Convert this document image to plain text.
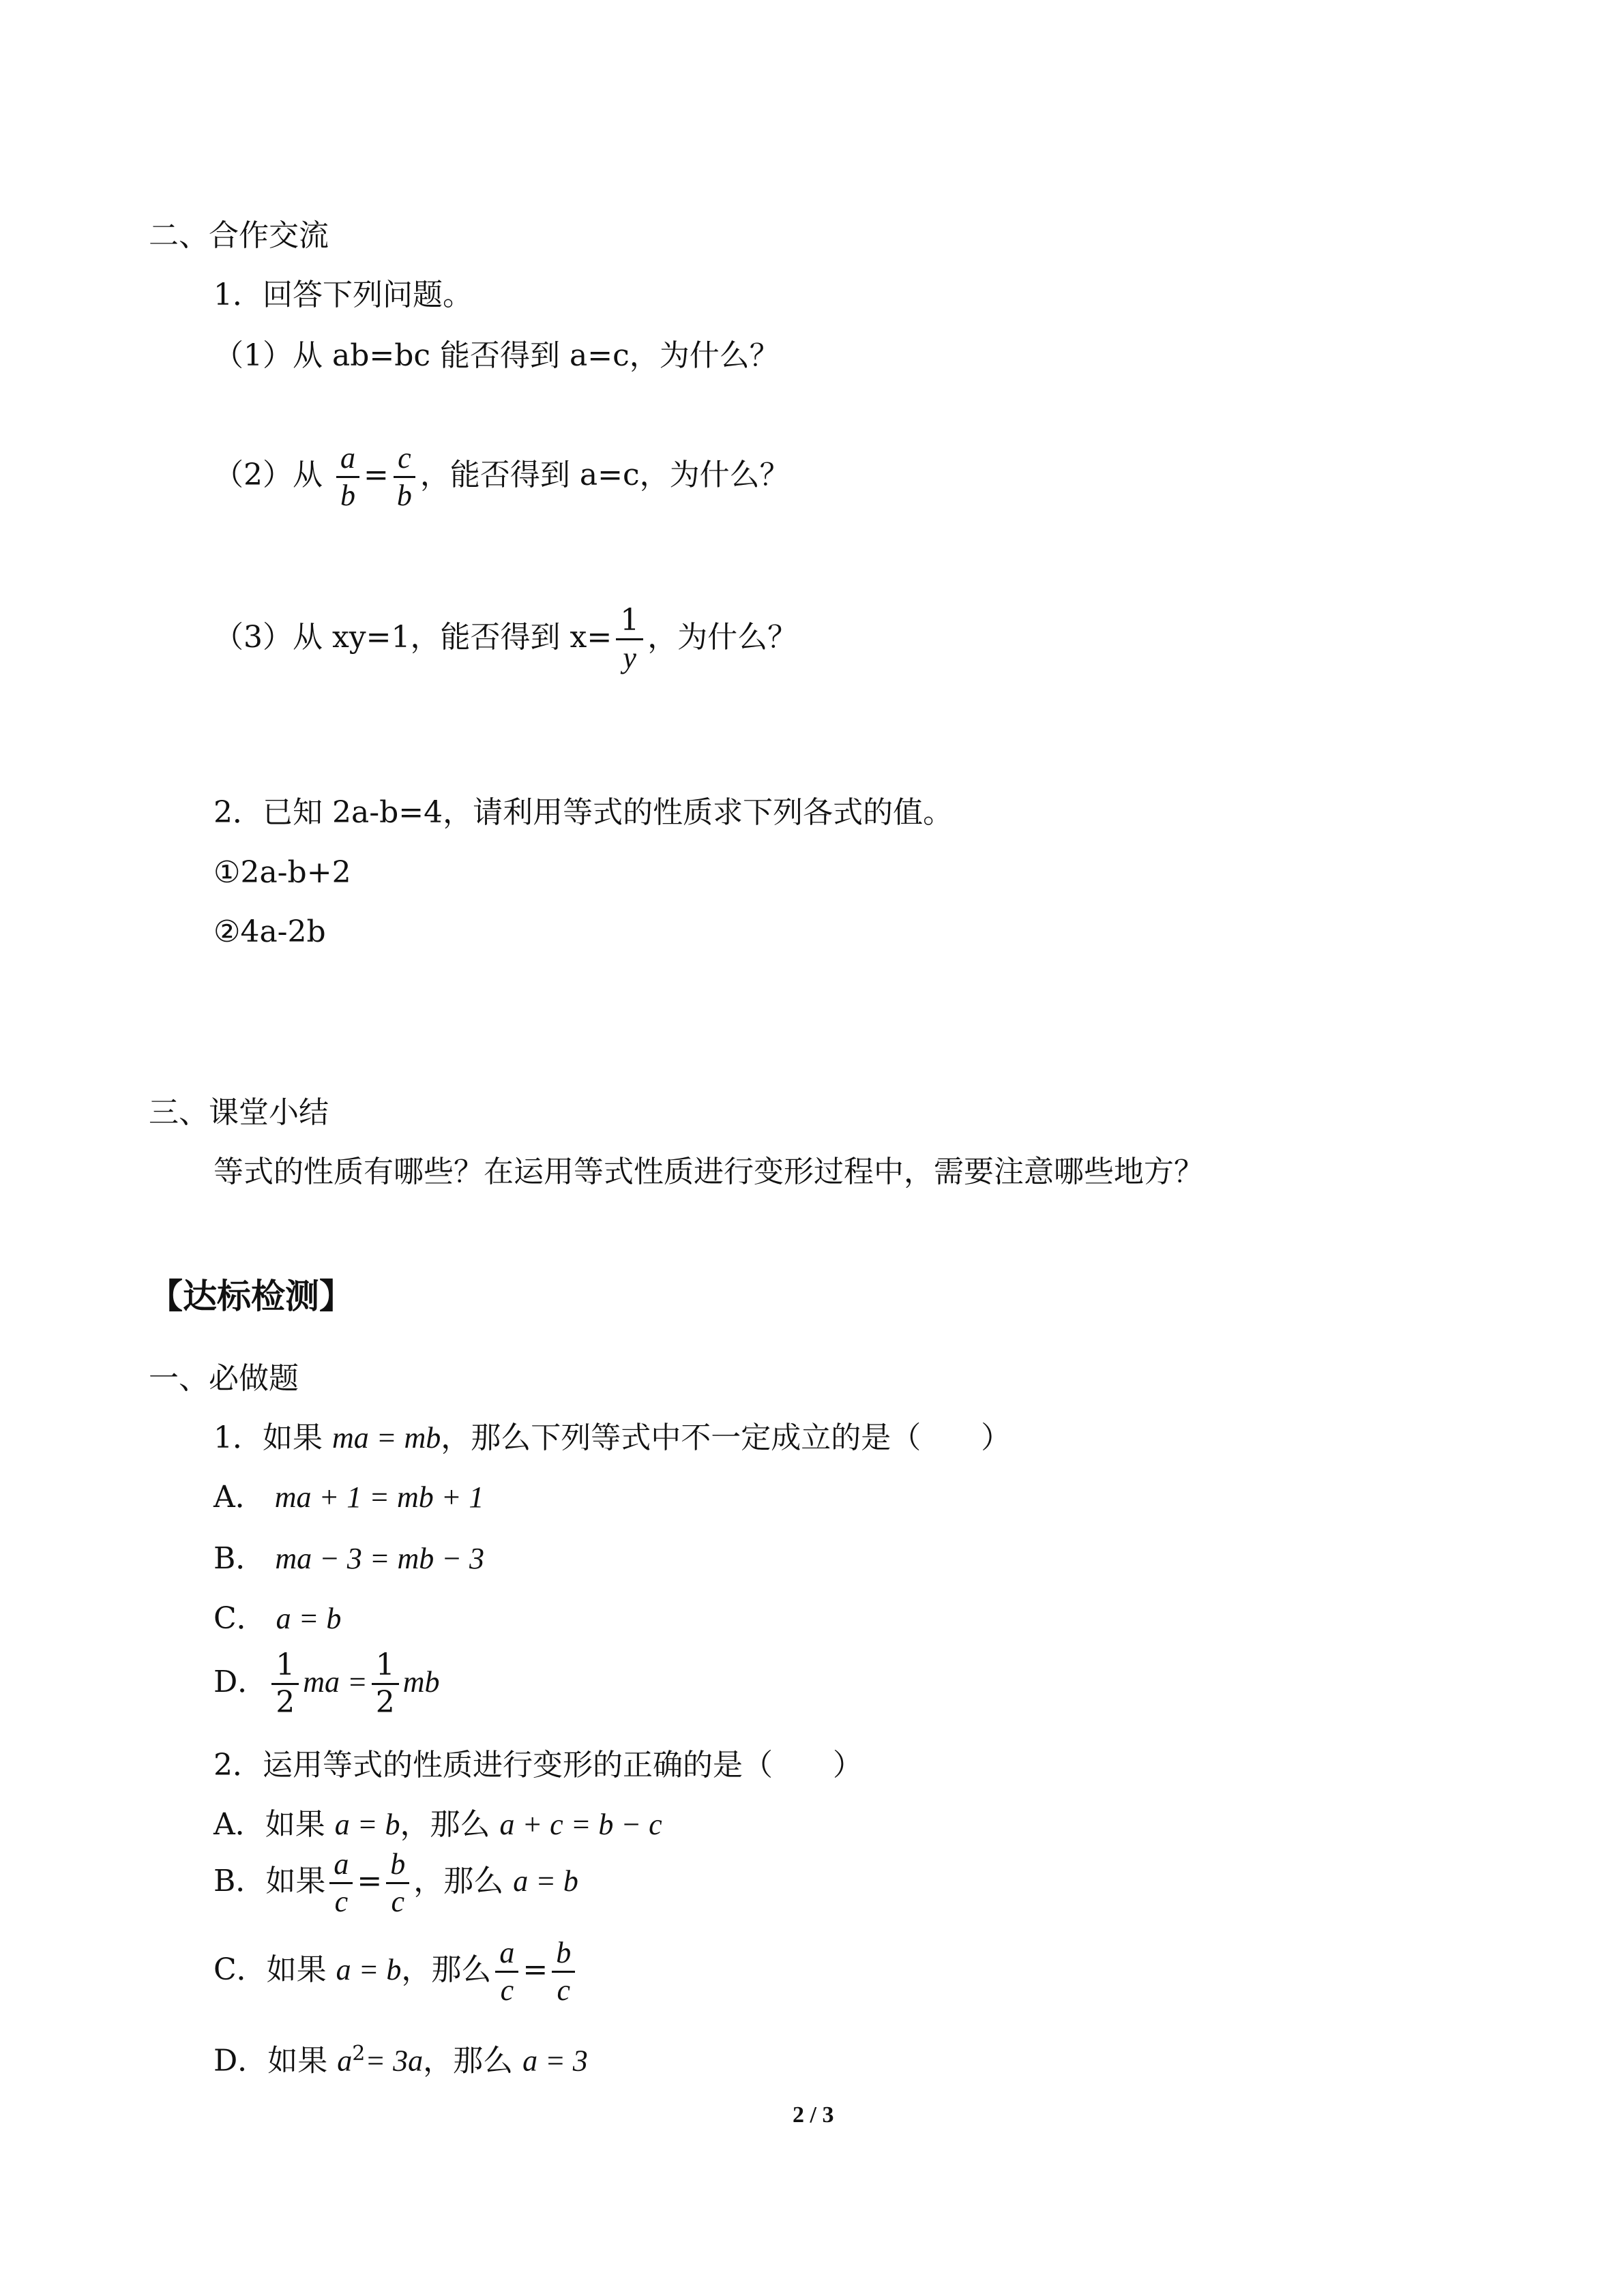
二、合作交流
1．回答下列问题。
（1）从 ab=bc 能否得到 a=c，为什么？
（2）从 $\frac{a}{b} = \frac{c}{b}$ ，能否得到 a=c，为什么？
（3）从 xy=1，能否得到 $x= \frac{1}{y}$ ，为什么？
2．已知 2a-b=4，请利用等式的性质求下列各式的值。
①2a-b+2
②4a-2b
三、课堂小结
等式的性质有哪些？在运用等式性质进行变形过程中，需要注意哪些地方？
【达标检测】
一、必做题
1．如果 ma = mb，那么下列等式中不一定成立的是（　　）
A． ma + 1 = mb + 1
B． ma − 3 = mb − 3
C． a = b
D． $\frac{1}{2}$ ma = $\frac{1}{2}$ mb
2．运用等式的性质进行变形的正确的是（　　）
A．如果 a = b，那么 a + c = b − c
B．如果 $\frac{a}{c} = \frac{b}{c}$ ，那么 a = b
C．如果 a = b，那么 $\frac{a}{c} = \frac{b}{c}$
D．如果 $a^2= 3a$，那么 a = 3
2 / 3
